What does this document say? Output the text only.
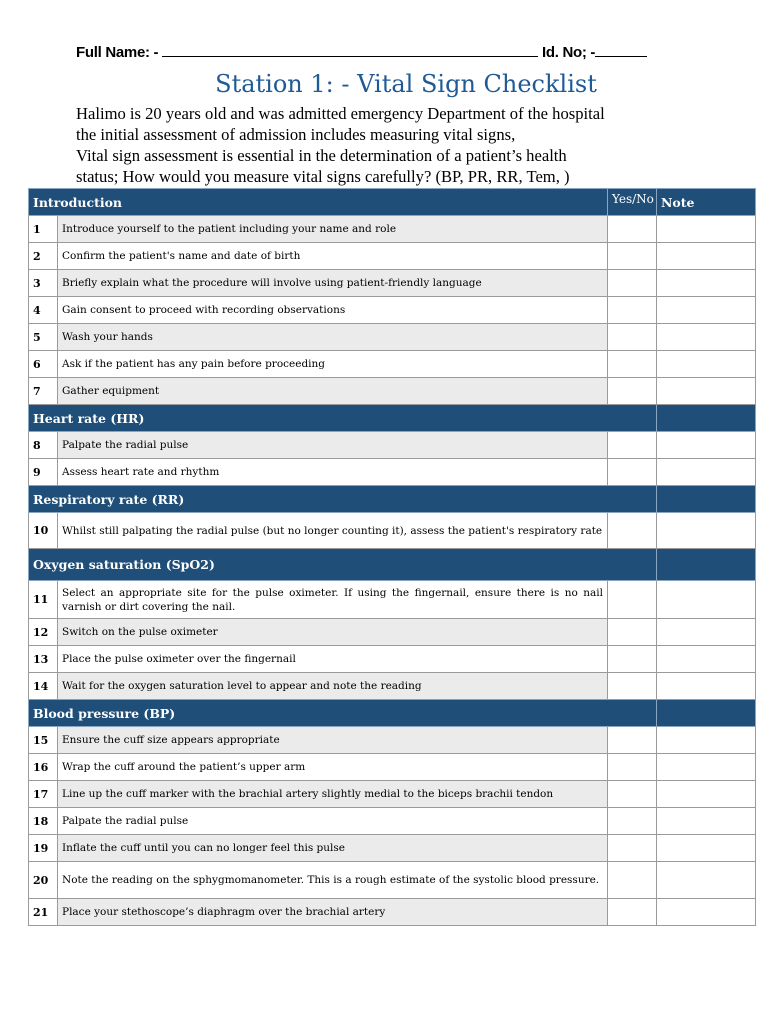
Full Name: -	Id. No; -
Station 1: - Vital Sign Checklist

Halimo is 20 years old and was admitted emergency Department of the hospital

the initial assessment of admission includes measuring vital signs,

Vital sign assessment is essential in the determination of a patient’s health

status; How would you measure vital signs carefully? (BP, PR, RR, Tem, )

Introduction		Yes/No	Note
1	Introduce yourself to the patient including your name and role		
2	Confirm the patient's name and date of birth		
3	Briefly explain what the procedure will involve using patient-friendly language		
4	Gain consent to proceed with recording observations		
5	Wash your hands		
6	Ask if the patient has any pain before proceeding		
7	Gather equipment		
Heart rate (HR)			
8	Palpate the radial pulse		
9	Assess heart rate and rhythm		
Respiratory rate (RR)			
10	Whilst still palpating the radial pulse (but no longer counting it), assess the patient's respiratory rate		
Oxygen saturation (SpO2)			
11	Select an appropriate site for the pulse oximeter. If using the fingernail, ensure there is no nail varnish or dirt covering the nail.		
12	Switch on the pulse oximeter		
13	Place the pulse oximeter over the fingernail		
14	Wait for the oxygen saturation level to appear and note the reading		
Blood pressure (BP)			
15	Ensure the cuff size appears appropriate		
16	Wrap the cuff around the patient’s upper arm		
17	Line up the cuff marker with the brachial artery slightly medial to the biceps brachii tendon		
18	Palpate the radial pulse		
19	Inflate the cuff until you can no longer feel this pulse		
20	Note the reading on the sphygmomanometer. This is a rough estimate of the systolic blood pressure.		
21	Place your stethoscope’s diaphragm over the brachial artery		
